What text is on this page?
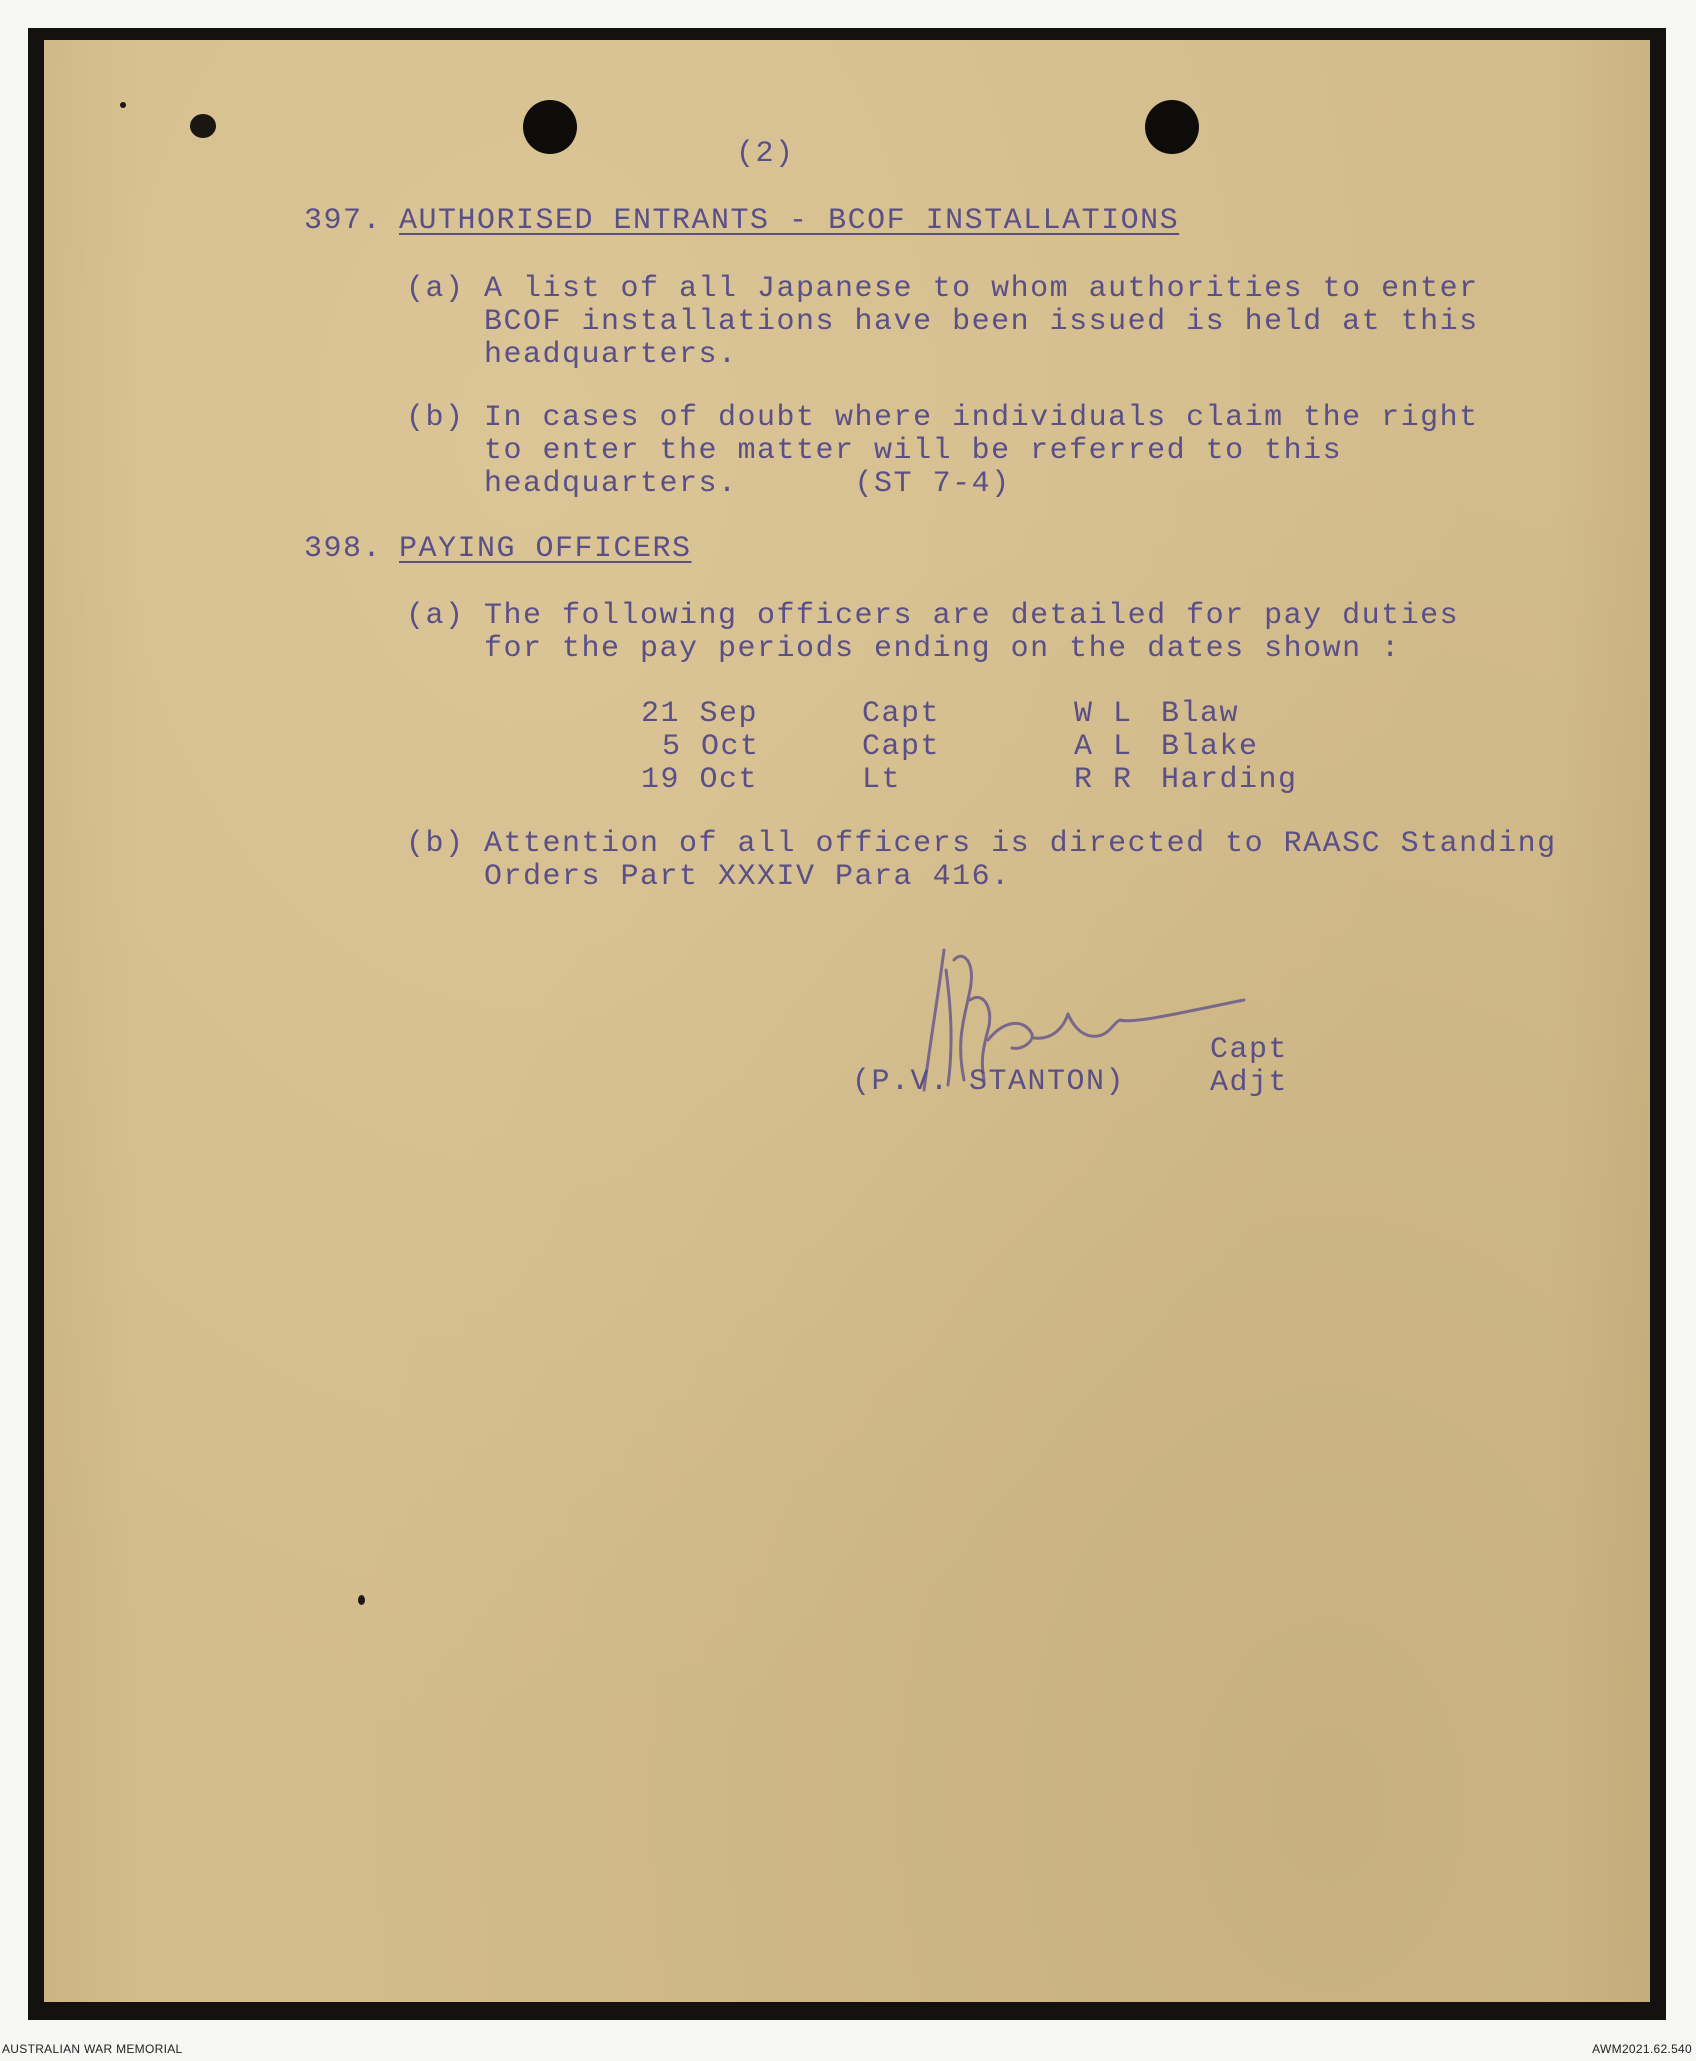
(2)
397. AUTHORISED ENTRANTS - BCOF INSTALLATIONS
(a) A list of all Japanese to whom authorities to enter
BCOF installations have been issued is held at this
headquarters.
(b) In cases of doubt where individuals claim the right
to enter the matter will be referred to this
headquarters.      (ST 7-4)
398. PAYING OFFICERS
(a) The following officers are detailed for pay duties
for the pay periods ending on the dates shown :
21 Sep	Capt	W L Blaw
5 Oct	Capt	A L Blake
19 Oct	Lt	R R Harding
(b) Attention of all officers is directed to RAASC Standing
Orders Part XXXIV Para 416.
(P.V. STANTON)
Capt
Adjt
AUSTRALIAN WAR MEMORIAL	AWM2021.62.540
